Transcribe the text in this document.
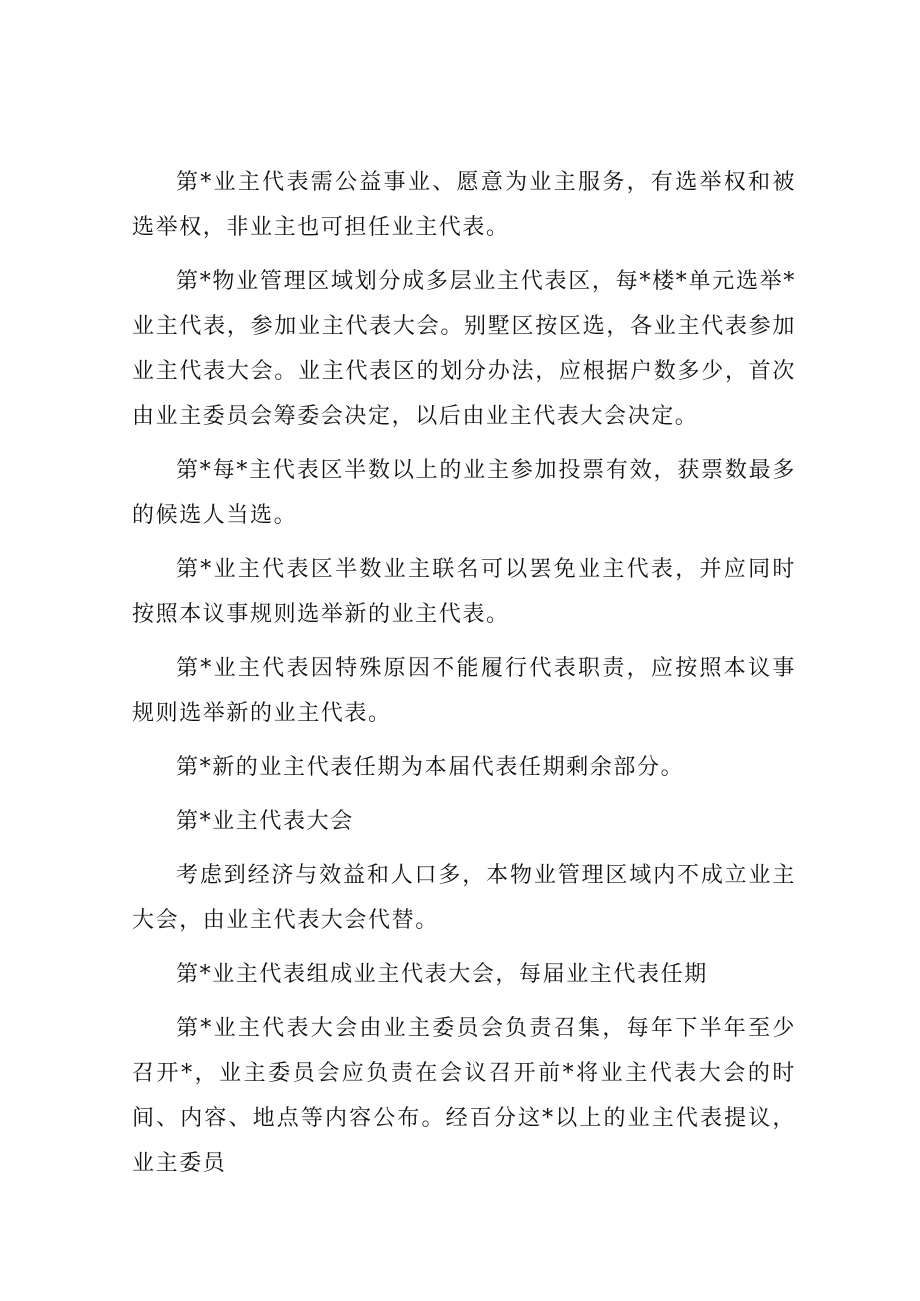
第*业主代表需公益事业、愿意为业主服务，有选举权和被选举权，非业主也可担任业主代表。

第*物业管理区域划分成多层业主代表区，每*楼*单元选举*业主代表，参加业主代表大会。别墅区按区选，各业主代表参加业主代表大会。业主代表区的划分办法，应根据户数多少，首次由业主委员会筹委会决定，以后由业主代表大会决定。

第*每*主代表区半数以上的业主参加投票有效，获票数最多的候选人当选。

第*业主代表区半数业主联名可以罢免业主代表，并应同时按照本议事规则选举新的业主代表。

第*业主代表因特殊原因不能履行代表职责，应按照本议事规则选举新的业主代表。

第*新的业主代表任期为本届代表任期剩余部分。

第*业主代表大会

考虑到经济与效益和人口多，本物业管理区域内不成立业主大会，由业主代表大会代替。

第*业主代表组成业主代表大会，每届业主代表任期

第*业主代表大会由业主委员会负责召集，每年下半年至少召开*，业主委员会应负责在会议召开前*将业主代表大会的时间、内容、地点等内容公布。经百分这*以上的业主代表提议，业主委员
